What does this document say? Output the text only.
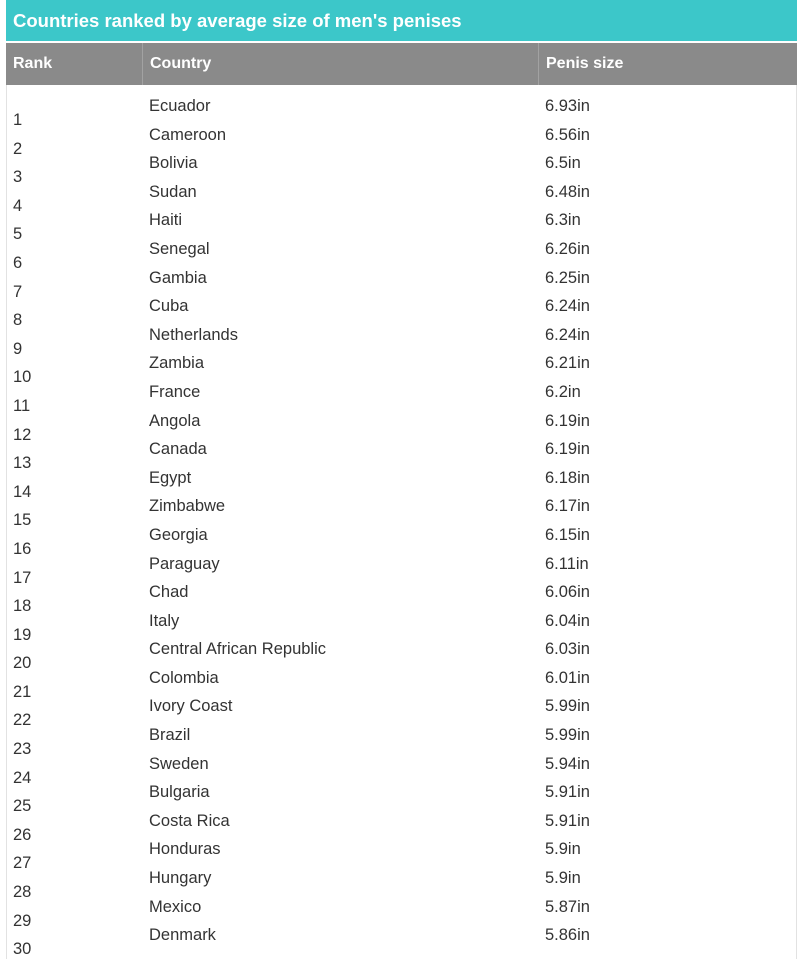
Countries ranked by average size of men's penises
Rank	Country	Penis size
1
2
3
4
5
6
7
8
9
10
11
12
13
14
15
16
17
18
19
20
21
22
23
24
25
26
27
28
29
30
Ecuador
Cameroon
Bolivia
Sudan
Haiti
Senegal
Gambia
Cuba
Netherlands
Zambia
France
Angola
Canada
Egypt
Zimbabwe
Georgia
Paraguay
Chad
Italy
Central African Republic
Colombia
Ivory Coast
Brazil
Sweden
Bulgaria
Costa Rica
Honduras
Hungary
Mexico
Denmark
6.93in
6.56in
6.5in
6.48in
6.3in
6.26in
6.25in
6.24in
6.24in
6.21in
6.2in
6.19in
6.19in
6.18in
6.17in
6.15in
6.11in
6.06in
6.04in
6.03in
6.01in
5.99in
5.99in
5.94in
5.91in
5.91in
5.9in
5.9in
5.87in
5.86in
